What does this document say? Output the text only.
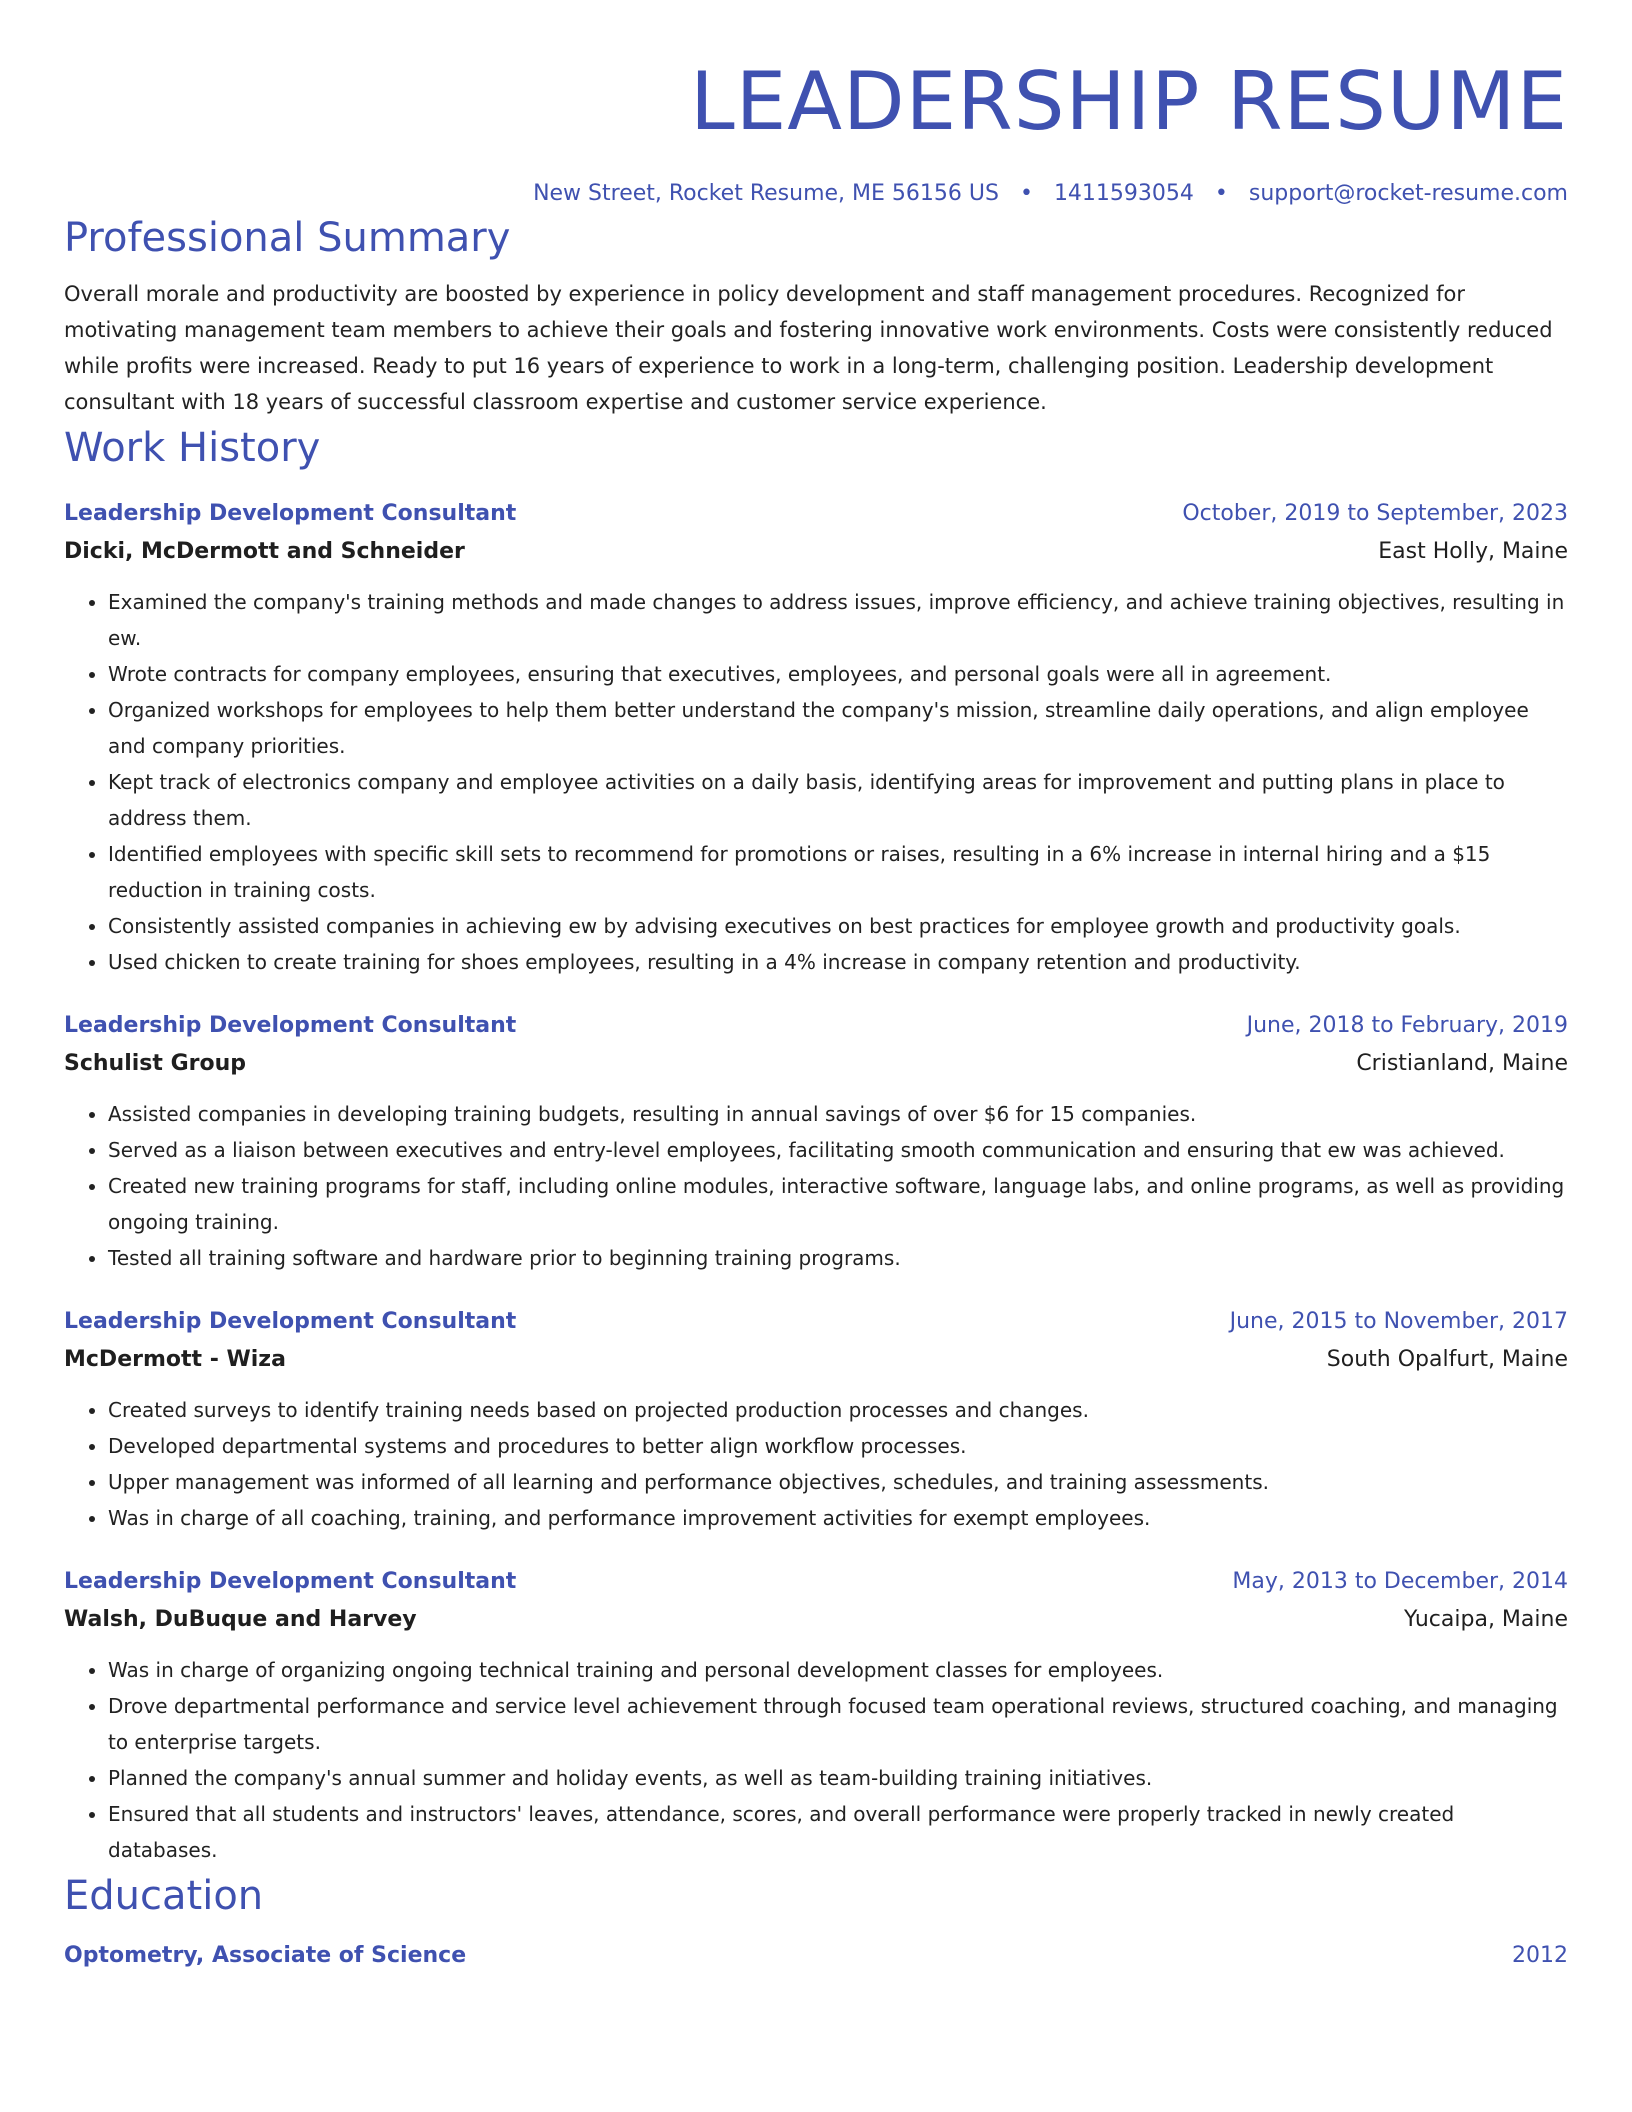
LEADERSHIP RESUME
New Street, Rocket Resume, ME 56156 US • 1411593054 • support@rocket-resume.com
Professional Summary

Overall morale and productivity are boosted by experience in policy development and staff management procedures. Recognized for motivating management team members to achieve their goals and fostering innovative work environments. Costs were consistently reduced while profits were increased. Ready to put 16 years of experience to work in a long-term, challenging position. Leadership development consultant with 18 years of successful classroom expertise and customer service experience.

Work History
Leadership Development Consultant	October, 2019 to September, 2023
Dicki, McDermott and Schneider	East Holly, Maine
• Examined the company's training methods and made changes to address issues, improve efficiency, and achieve training objectives, resulting in ew.
• Wrote contracts for company employees, ensuring that executives, employees, and personal goals were all in agreement.
• Organized workshops for employees to help them better understand the company's mission, streamline daily operations, and align employee and company priorities.
• Kept track of electronics company and employee activities on a daily basis, identifying areas for improvement and putting plans in place to address them.
• Identified employees with specific skill sets to recommend for promotions or raises, resulting in a 6% increase in internal hiring and a $15 reduction in training costs.
• Consistently assisted companies in achieving ew by advising executives on best practices for employee growth and productivity goals.
• Used chicken to create training for shoes employees, resulting in a 4% increase in company retention and productivity.
Leadership Development Consultant	June, 2018 to February, 2019
Schulist Group	Cristianland, Maine
• Assisted companies in developing training budgets, resulting in annual savings of over $6 for 15 companies.
• Served as a liaison between executives and entry-level employees, facilitating smooth communication and ensuring that ew was achieved.
• Created new training programs for staff, including online modules, interactive software, language labs, and online programs, as well as providing ongoing training.
• Tested all training software and hardware prior to beginning training programs.
Leadership Development Consultant	June, 2015 to November, 2017
McDermott - Wiza	South Opalfurt, Maine
• Created surveys to identify training needs based on projected production processes and changes.
• Developed departmental systems and procedures to better align workflow processes.
• Upper management was informed of all learning and performance objectives, schedules, and training assessments.
• Was in charge of all coaching, training, and performance improvement activities for exempt employees.
Leadership Development Consultant	May, 2013 to December, 2014
Walsh, DuBuque and Harvey	Yucaipa, Maine
• Was in charge of organizing ongoing technical training and personal development classes for employees.
• Drove departmental performance and service level achievement through focused team operational reviews, structured coaching, and managing to enterprise targets.
• Planned the company's annual summer and holiday events, as well as team-building training initiatives.
• Ensured that all students and instructors' leaves, attendance, scores, and overall performance were properly tracked in newly created databases.
Education
Optometry, Associate of Science	2012
